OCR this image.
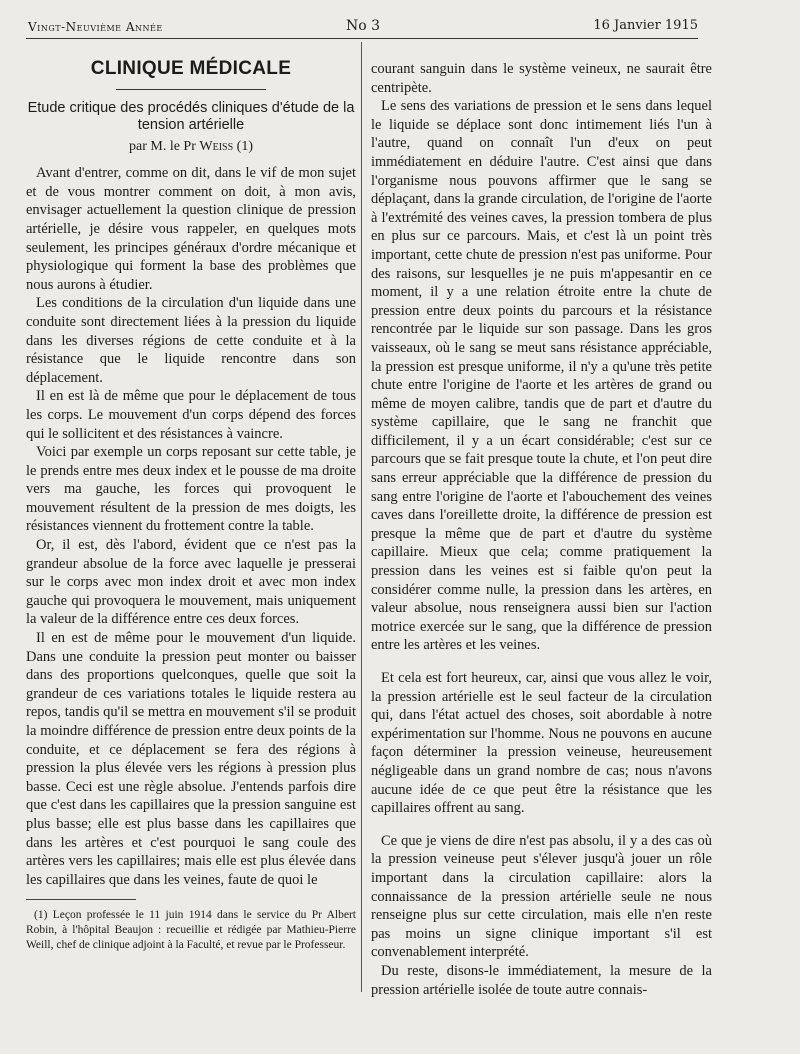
Vingt-Neuvième Année	No 3	16 Janvier 1915
CLINIQUE MÉDICALE
Etude critique des procédés cliniques d'étude de la tension artérielle
par M. le Pr Weiss (1)

Avant d'entrer, comme on dit, dans le vif de mon sujet et de vous montrer comment on doit, à mon avis, envisager actuellement la question clinique de pression artérielle, je désire vous rappeler, en quelques mots seulement, les principes généraux d'ordre mécanique et physiologique qui forment la base des problèmes que nous aurons à étudier.

Les conditions de la circulation d'un liquide dans une conduite sont directement liées à la pression du liquide dans les diverses régions de cette conduite et à la résistance que le liquide rencontre dans son déplacement.

Il en est là de même que pour le déplacement de tous les corps. Le mouvement d'un corps dépend des forces qui le sollicitent et des résistances à vaincre.

Voici par exemple un corps reposant sur cette table, je le prends entre mes deux index et le pousse de ma droite vers ma gauche, les forces qui provoquent le mouvement résultent de la pression de mes doigts, les résistances viennent du frottement contre la table.

Or, il est, dès l'abord, évident que ce n'est pas la grandeur absolue de la force avec laquelle je presserai sur le corps avec mon index droit et avec mon index gauche qui provoquera le mouvement, mais uniquement la valeur de la différence entre ces deux forces.

Il en est de même pour le mouvement d'un liquide. Dans une conduite la pression peut monter ou baisser dans des proportions quelconques, quelle que soit la grandeur de ces variations totales le liquide restera au repos, tandis qu'il se mettra en mouvement s'il se produit la moindre différence de pression entre deux points de la conduite, et ce déplacement se fera des régions à pression la plus élevée vers les régions à pression plus basse. Ceci est une règle absolue. J'entends parfois dire que c'est dans les capillaires que la pression sanguine est plus basse; elle est plus basse dans les capillaires que dans les artères et c'est pourquoi le sang coule des artères vers les capillaires; mais elle est plus élevée dans les capillaires que dans les veines, faute de quoi le

(1) Leçon professée le 11 juin 1914 dans le service du Pr Albert Robin, à l'hôpital Beaujon : recueillie et rédigée par Mathieu-Pierre Weill, chef de clinique adjoint à la Faculté, et revue par le Professeur.

courant sanguin dans le système veineux, ne saurait être centripète.

Le sens des variations de pression et le sens dans lequel le liquide se déplace sont donc intimement liés l'un à l'autre, quand on connaît l'un d'eux on peut immédiatement en déduire l'autre. C'est ainsi que dans l'organisme nous pouvons affirmer que le sang se déplaçant, dans la grande circulation, de l'origine de l'aorte à l'extrémité des veines caves, la pression tombera de plus en plus sur ce parcours. Mais, et c'est là un point très important, cette chute de pression n'est pas uniforme. Pour des raisons, sur lesquelles je ne puis m'appesantir en ce moment, il y a une relation étroite entre la chute de pression entre deux points du parcours et la résistance rencontrée par le liquide sur son passage. Dans les gros vaisseaux, où le sang se meut sans résistance appréciable, la pression est presque uniforme, il n'y a qu'une très petite chute entre l'origine de l'aorte et les artères de grand ou même de moyen calibre, tandis que de part et d'autre du système capillaire, que le sang ne franchit que difficilement, il y a un écart considérable; c'est sur ce parcours que se fait presque toute la chute, et l'on peut dire sans erreur appréciable que la différence de pression du sang entre l'origine de l'aorte et l'abouchement des veines caves dans l'oreillette droite, la différence de pression est presque la même que de part et d'autre du système capillaire. Mieux que cela; comme pratiquement la pression dans les veines est si faible qu'on peut la considérer comme nulle, la pression dans les artères, en valeur absolue, nous renseignera aussi bien sur l'action motrice exercée sur le sang, que la différence de pression entre les artères et les veines.

Et cela est fort heureux, car, ainsi que vous allez le voir, la pression artérielle est le seul facteur de la circulation qui, dans l'état actuel des choses, soit abordable à notre expérimentation sur l'homme. Nous ne pouvons en aucune façon déterminer la pression veineuse, heureusement négligeable dans un grand nombre de cas; nous n'avons aucune idée de ce que peut être la résistance que les capillaires offrent au sang.

Ce que je viens de dire n'est pas absolu, il y a des cas où la pression veineuse peut s'élever jusqu'à jouer un rôle important dans la circulation capillaire: alors la connaissance de la pression artérielle seule ne nous renseigne plus sur cette circulation, mais elle n'en reste pas moins un signe clinique important s'il est convenablement interprété.

Du reste, disons-le immédiatement, la mesure de la pression artérielle isolée de toute autre connais-
